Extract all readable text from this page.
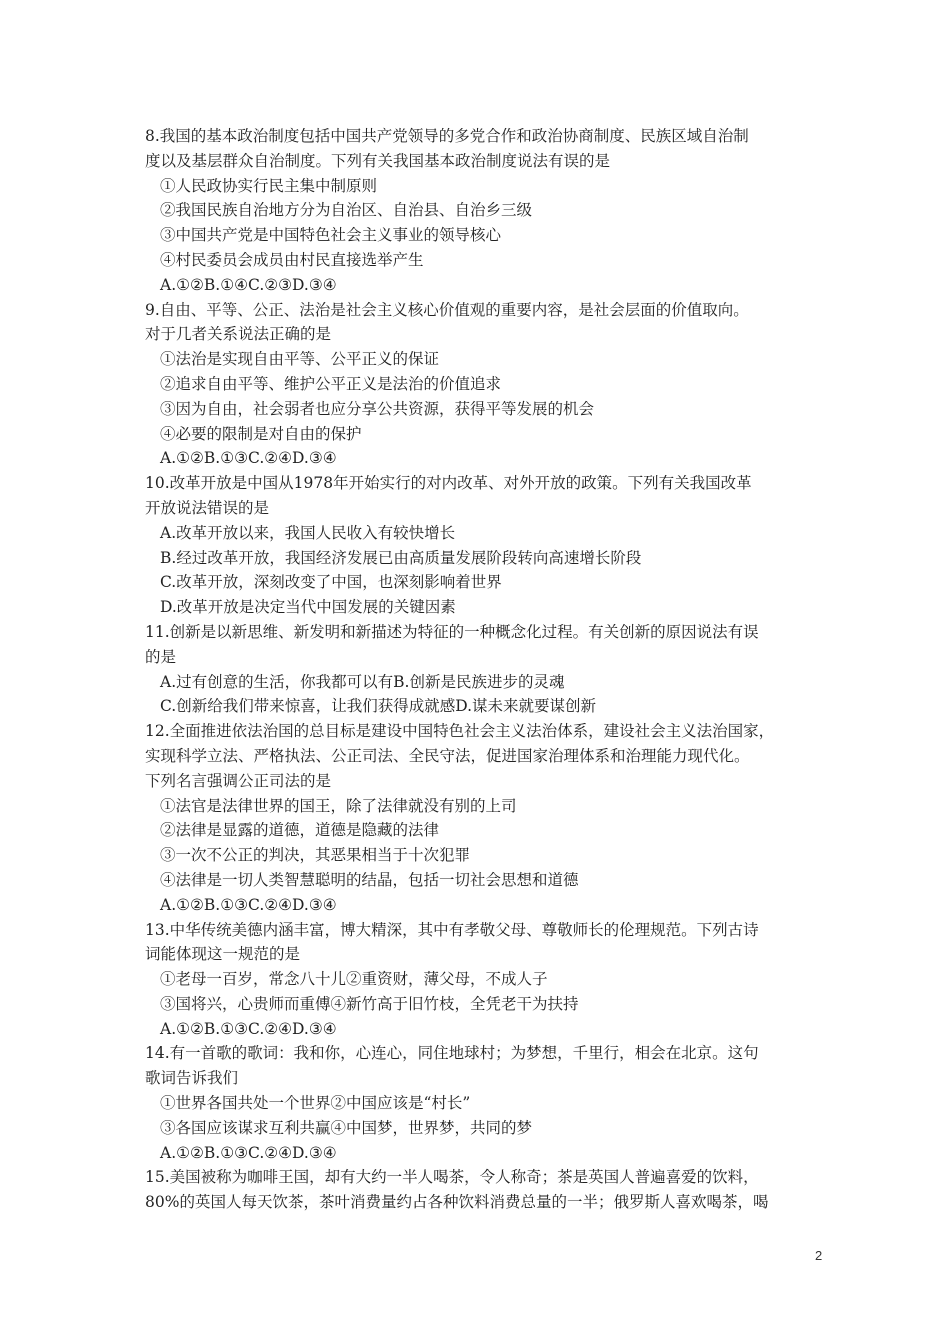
8.我国的基本政治制度包括中国共产党领导的多党合作和政治协商制度、民族区域自治制
度以及基层群众自治制度。下列有关我国基本政治制度说法有误的是
①人民政协实行民主集中制原则
②我国民族自治地方分为自治区、自治县、自治乡三级
③中国共产党是中国特色社会主义事业的领导核心
④村民委员会成员由村民直接选举产生
A.①②B.①④C.②③D.③④
9.自由、平等、公正、法治是社会主义核心价值观的重要内容，是社会层面的价值取向。
对于几者关系说法正确的是
①法治是实现自由平等、公平正义的保证
②追求自由平等、维护公平正义是法治的价值追求
③因为自由，社会弱者也应分享公共资源，获得平等发展的机会
④必要的限制是对自由的保护
A.①②B.①③C.②④D.③④
10.改革开放是中国从1978年开始实行的对内改革、对外开放的政策。下列有关我国改革
开放说法错误的是
A.改革开放以来，我国人民收入有较快增长
B.经过改革开放，我国经济发展已由高质量发展阶段转向高速增长阶段
C.改革开放，深刻改变了中国，也深刻影响着世界
D.改革开放是决定当代中国发展的关键因素
11.创新是以新思维、新发明和新描述为特征的一种概念化过程。有关创新的原因说法有误
的是
A.过有创意的生活，你我都可以有B.创新是民族进步的灵魂
C.创新给我们带来惊喜，让我们获得成就感D.谋未来就要谋创新
12.全面推进依法治国的总目标是建设中国特色社会主义法治体系，建设社会主义法治国家，
实现科学立法、严格执法、公正司法、全民守法，促进国家治理体系和治理能力现代化。
下列名言强调公正司法的是
①法官是法律世界的国王，除了法律就没有别的上司
②法律是显露的道德，道德是隐藏的法律
③一次不公正的判决，其恶果相当于十次犯罪
④法律是一切人类智慧聪明的结晶，包括一切社会思想和道德
A.①②B.①③C.②④D.③④
13.中华传统美德内涵丰富，博大精深，其中有孝敬父母、尊敬师长的伦理规范。下列古诗
词能体现这一规范的是
①老母一百岁，常念八十儿②重资财，薄父母，不成人子
③国将兴，心贵师而重傅④新竹高于旧竹枝，全凭老干为扶持
A.①②B.①③C.②④D.③④
14.有一首歌的歌词：我和你，心连心，同住地球村；为梦想，千里行，相会在北京。这句
歌词告诉我们
①世界各国共处一个世界②中国应该是“村长”
③各国应该谋求互利共赢④中国梦，世界梦，共同的梦
A.①②B.①③C.②④D.③④
15.美国被称为咖啡王国，却有大约一半人喝茶，令人称奇；茶是英国人普遍喜爱的饮料，
80%的英国人每天饮茶，茶叶消费量约占各种饮料消费总量的一半；俄罗斯人喜欢喝茶，喝
2
